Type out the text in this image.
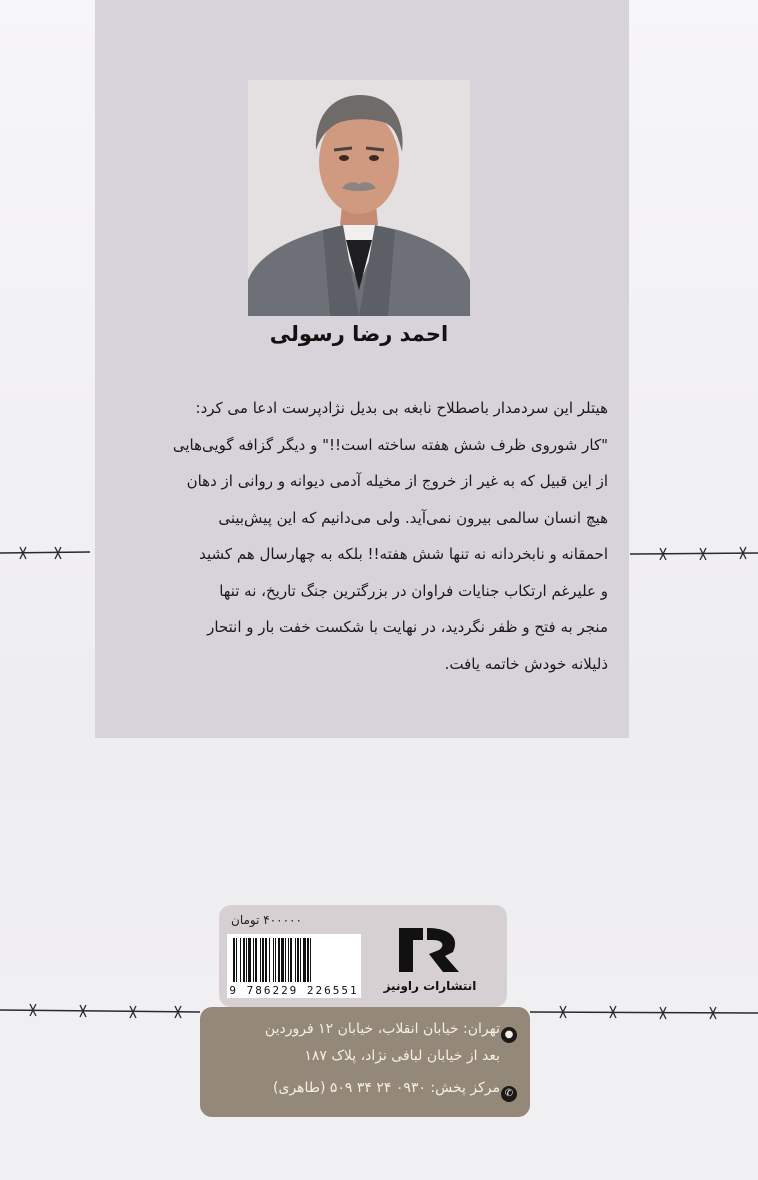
احمد رضا رسولی
هیتلر این سردمدار باصطلاح نابغه بی بدیل نژادپرست ادعا می کرد:
"کار شوروی ظرف شش هفته ساخته است!!" و دیگر گزافه گویی‌هایی
از این قبیل که به غیر از خروج از مخیله آدمی دیوانه و روانی از دهان
هیچ انسان سالمی بیرون نمی‌آید. ولی می‌دانیم که این پیش‌بینی
احمقانه و نابخردانه نه تنها شش هفته!! بلکه به چهارسال هم کشید
و علیرغم ارتکاب جنایات فراوان در بزرگترین جنگ تاریخ، نه تنها
منجر به فتح و ظفر نگردید، در نهایت با شکست خفت بار و انتحار
ذلیلانه خودش خاتمه یافت.
۴۰۰۰۰۰ تومان
9 786229 226551	انتشارات راونیز
●
تهران: خیابان انقلاب، خیابان ۱۲ فروردین
بعد از خیابان لبافی نژاد، پلاک ۱۸۷
✆
مرکز پخش: ۰۹۳۰ ۲۴ ۳۴ ۵۰۹ (طاهری)
